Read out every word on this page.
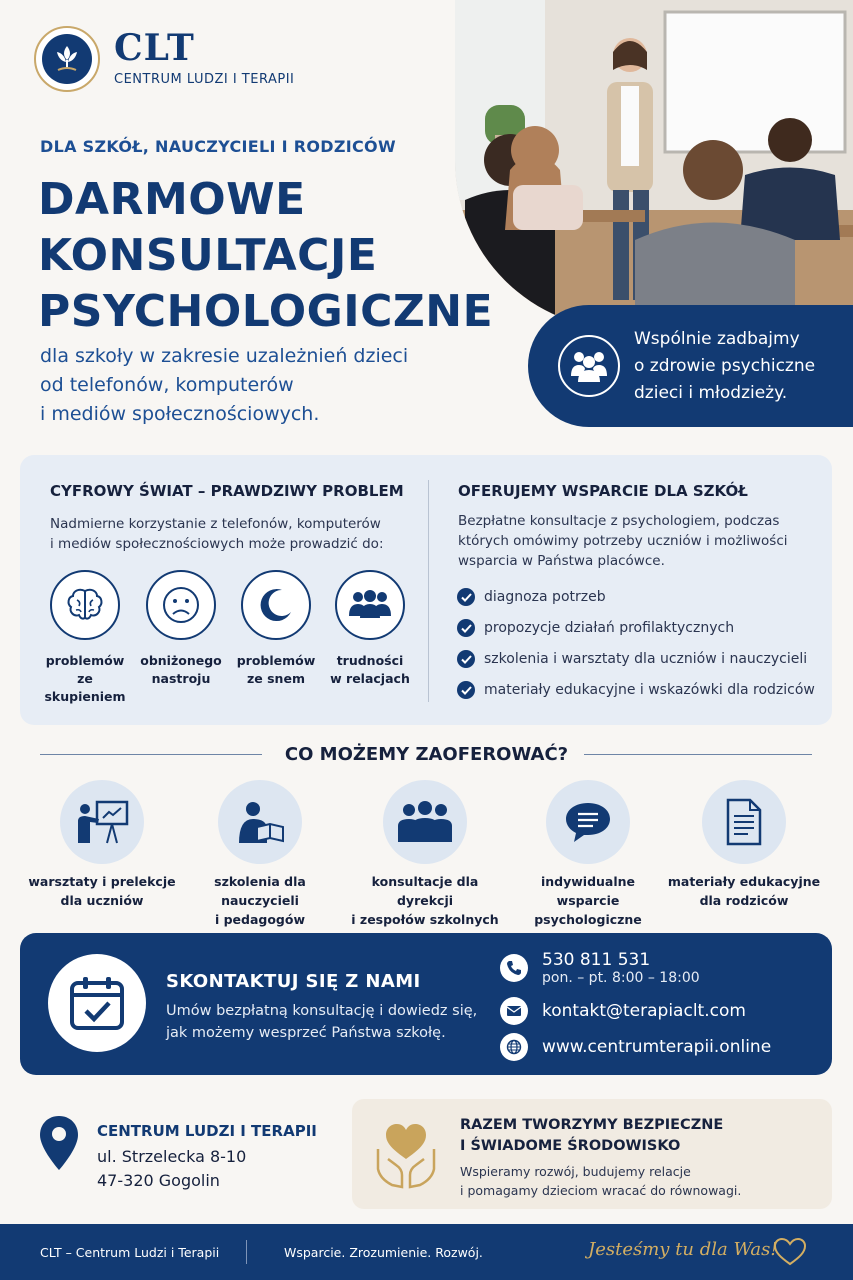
CLT
CENTRUM LUDZI I TERAPII
DLA SZKÓŁ, NAUCZYCIELI I RODZICÓW
DARMOWE
KONSULTACJE
PSYCHOLOGICZNE
dla szkoły w zakresie uzależnień dzieci
od telefonów, komputerów
i mediów społecznościowych.
Wspólnie zadbajmy
o zdrowie psychiczne
dzieci i młodzieży.
CYFROWY ŚWIAT – PRAWDZIWY PROBLEM
Nadmierne korzystanie z telefonów, komputerów
i mediów społecznościowych może prowadzić do:
problemów
ze skupieniem
obniżonego
nastroju
problemów
ze snem
trudności
w relacjach
OFERUJEMY WSPARCIE DLA SZKÓŁ
Bezpłatne konsultacje z psychologiem, podczas
których omówimy potrzeby uczniów i możliwości
wsparcia w Państwa placówce.
diagnoza potrzeb
propozycje działań profilaktycznych
szkolenia i warsztaty dla uczniów i nauczycieli
materiały edukacyjne i wskazówki dla rodziców
CO MOŻEMY ZAOFEROWAĆ?
warsztaty i prelekcje
dla uczniów
szkolenia dla nauczycieli
i pedagogów
konsultacje dla dyrekcji
i zespołów szkolnych
indywidualne wsparcie
psychologiczne
materiały edukacyjne
dla rodziców
SKONTAKTUJ SIĘ Z NAMI
Umów bezpłatną konsultację i dowiedz się,
jak możemy wesprzeć Państwa szkołę.
530 811 531
pon. – pt. 8:00 – 18:00
kontakt@terapiaclt.com
www.centrumterapii.online
CENTRUM LUDZI I TERAPII
ul. Strzelecka 8-10
47-320 Gogolin
RAZEM TWORZYMY BEZPIECZNE
I ŚWIADOME ŚRODOWISKO
Wspieramy rozwój, budujemy relacje
i pomagamy dzieciom wracać do równowagi.
CLT – Centrum Ludzi i Terapii	Wsparcie. Zrozumienie. Rozwój.	Jesteśmy tu dla Was!
